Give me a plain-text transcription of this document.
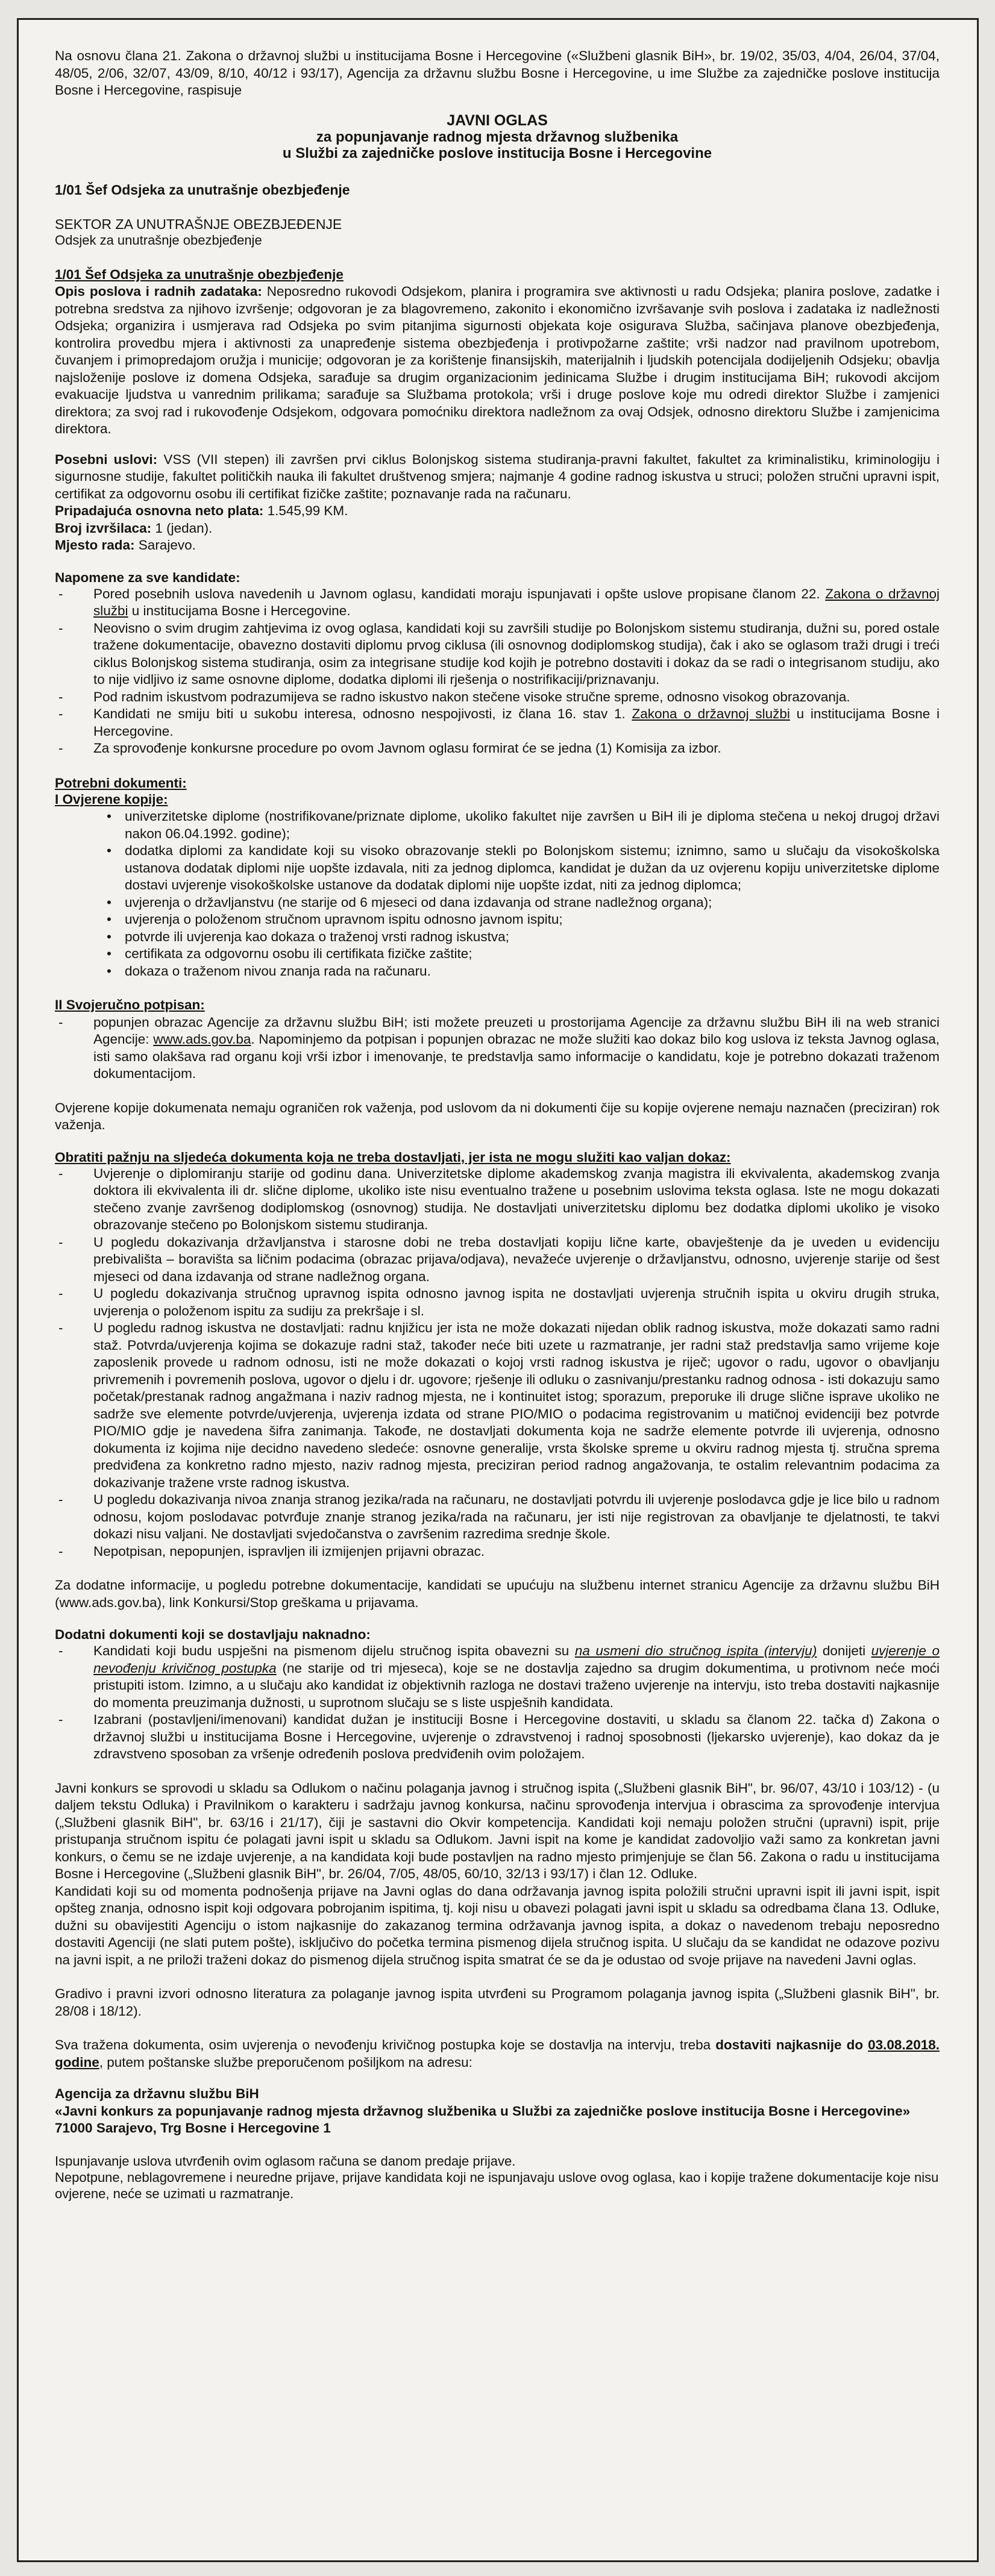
Na osnovu člana 21. Zakona o državnoj službi u institucijama Bosne i Hercegovine («Službeni glasnik BiH», br. 19/02, 35/03, 4/04, 26/04, 37/04, 48/05, 2/06, 32/07, 43/09, 8/10, 40/12 i 93/17), Agencija za državnu službu Bosne i Hercegovine, u ime Službe za zajedničke poslove institucija Bosne i Hercegovine, raspisuje

JAVNI OGLAS
za popunjavanje radnog mjesta državnog službenika
u Službi za zajedničke poslove institucija Bosne i Hercegovine
1/01 Šef Odsjeka za unutrašnje obezbjeđenje
SEKTOR ZA UNUTRAŠNJE OBEZBJEĐENJE
Odsjek za unutrašnje obezbjeđenje

1/01 Šef Odsjeka za unutrašnje obezbjeđenje
Opis poslova i radnih zadataka: Neposredno rukovodi Odsjekom, planira i programira sve aktivnosti u radu Odsjeka; planira poslove, zadatke i potrebna sredstva za njihovo izvršenje; odgovoran je za blagovremeno, zakonito i ekonomično izvršavanje svih poslova i zadataka iz nadležnosti Odsjeka; organizira i usmjerava rad Odsjeka po svim pitanjima sigurnosti objekata koje osigurava Služba, sačinjava planove obezbjeđenja, kontrolira provedbu mjera i aktivnosti za unapređenje sistema obezbjeđenja i protivpožarne zaštite; vrši nadzor nad pravilnom upotrebom, čuvanjem i primopredajom oružja i municije; odgovoran je za korištenje finansijskih, materijalnih i ljudskih potencijala dodijeljenih Odsjeku; obavlja najsloženije poslove iz domena Odsjeka, sarađuje sa drugim organizacionim jedinicama Službe i drugim institucijama BiH; rukovodi akcijom evakuacije ljudstva u vanrednim prilikama; sarađuje sa Službama protokola; vrši i druge poslove koje mu odredi direktor Službe i zamjenici direktora; za svoj rad i rukovođenje Odsjekom, odgovara pomoćniku direktora nadležnom za ovaj Odsjek, odnosno direktoru Službe i zamjenicima direktora.

Posebni uslovi: VSS (VII stepen) ili završen prvi ciklus Bolonjskog sistema studiranja-pravni fakultet, fakultet za kriminalistiku, kriminologiju i sigurnosne studije, fakultet političkih nauka ili fakultet društvenog smjera; najmanje 4 godine radnog iskustva u struci; položen stručni upravni ispit, certifikat za odgovornu osobu ili certifikat fizičke zaštite; poznavanje rada na računaru.

Pripadajuća osnovna neto plata: 1.545,99 KM.
Broj izvršilaca: 1 (jedan).
Mjesto rada: Sarajevo.
Napomene za sve kandidate:
- Pored posebnih uslova navedenih u Javnom oglasu, kandidati moraju ispunjavati i opšte uslove propisane članom 22. Zakona o državnoj službi u institucijama Bosne i Hercegovine.
- Neovisno o svim drugim zahtjevima iz ovog oglasa, kandidati koji su završili studije po Bolonjskom sistemu studiranja, dužni su, pored ostale tražene dokumentacije, obavezno dostaviti diplomu prvog ciklusa (ili osnovnog dodiplomskog studija), čak i ako se oglasom traži drugi i treći ciklus Bolonjskog sistema studiranja, osim za integrisane studije kod kojih je potrebno dostaviti i dokaz da se radi o integrisanom studiju, ako to nije vidljivo iz same osnovne diplome, dodatka diplomi ili rješenja o nostrifikaciji/priznavanju.
- Pod radnim iskustvom podrazumijeva se radno iskustvo nakon stečene visoke stručne spreme, odnosno visokog obrazovanja.
- Kandidati ne smiju biti u sukobu interesa, odnosno nespojivosti, iz člana 16. stav 1. Zakona o državnoj službi u institucijama Bosne i Hercegovine.
- Za sprovođenje konkursne procedure po ovom Javnom oglasu formirat će se jedna (1) Komisija za izbor.
Potrebni dokumenti:
I Ovjerene kopije:
• univerzitetske diplome (nostrifikovane/priznate diplome, ukoliko fakultet nije završen u BiH ili je diploma stečena u nekoj drugoj državi nakon 06.04.1992. godine);
• dodatka diplomi za kandidate koji su visoko obrazovanje stekli po Bolonjskom sistemu; iznimno, samo u slučaju da visokoškolska ustanova dodatak diplomi nije uopšte izdavala, niti za jednog diplomca, kandidat je dužan da uz ovjerenu kopiju univerzitetske diplome dostavi uvjerenje visokoškolske ustanove da dodatak diplomi nije uopšte izdat, niti za jednog diplomca;
• uvjerenja o državljanstvu (ne starije od 6 mjeseci od dana izdavanja od strane nadležnog organa);
• uvjerenja o položenom stručnom upravnom ispitu odnosno javnom ispitu;
• potvrde ili uvjerenja kao dokaza o traženoj vrsti radnog iskustva;
• certifikata za odgovornu osobu ili certifikata fizičke zaštite;
• dokaza o traženom nivou znanja rada na računaru.
II Svojeručno potpisan:
- popunjen obrazac Agencije za državnu službu BiH; isti možete preuzeti u prostorijama Agencije za državnu službu BiH ili na web stranici Agencije: www.ads.gov.ba. Napominjemo da potpisan i popunjen obrazac ne može služiti kao dokaz bilo kog uslova iz teksta Javnog oglasa, isti samo olakšava rad organu koji vrši izbor i imenovanje, te predstavlja samo informacije o kandidatu, koje je potrebno dokazati traženom dokumentacijom.

Ovjerene kopije dokumenata nemaju ograničen rok važenja, pod uslovom da ni dokumenti čije su kopije ovjerene nemaju naznačen (preciziran) rok važenja.

Obratiti pažnju na sljedeća dokumenta koja ne treba dostavljati, jer ista ne mogu služiti kao valjan dokaz:
- Uvjerenje o diplomiranju starije od godinu dana. Univerzitetske diplome akademskog zvanja magistra ili ekvivalenta, akademskog zvanja doktora ili ekvivalenta ili dr. slične diplome, ukoliko iste nisu eventualno tražene u posebnim uslovima teksta oglasa. Iste ne mogu dokazati stečeno zvanje završenog dodiplomskog (osnovnog) studija. Ne dostavljati univerzitetsku diplomu bez dodatka diplomi ukoliko je visoko obrazovanje stečeno po Bolonjskom sistemu studiranja.
- U pogledu dokazivanja državljanstva i starosne dobi ne treba dostavljati kopiju lične karte, obavještenje da je uveden u evidenciju prebivališta – boravišta sa ličnim podacima (obrazac prijava/odjava), nevažeće uvjerenje o državljanstvu, odnosno, uvjerenje starije od šest mjeseci od dana izdavanja od strane nadležnog organa.
- U pogledu dokazivanja stručnog upravnog ispita odnosno javnog ispita ne dostavljati uvjerenja stručnih ispita u okviru drugih struka, uvjerenja o položenom ispitu za sudiju za prekršaje i sl.
- U pogledu radnog iskustva ne dostavljati: radnu knjižicu jer ista ne može dokazati nijedan oblik radnog iskustva, može dokazati samo radni staž. Potvrda/uvjerenja kojima se dokazuje radni staž, također neće biti uzete u razmatranje, jer radni staž predstavlja samo vrijeme koje zaposlenik provede u radnom odnosu, isti ne može dokazati o kojoj vrsti radnog iskustva je riječ; ugovor o radu, ugovor o obavljanju privremenih i povremenih poslova, ugovor o djelu i dr. ugovore; rješenje ili odluku o zasnivanju/prestanku radnog odnosa - isti dokazuju samo početak/prestanak radnog angažmana i naziv radnog mjesta, ne i kontinuitet istog; sporazum, preporuke ili druge slične isprave ukoliko ne sadrže sve elemente potvrde/uvjerenja, uvjerenja izdata od strane PIO/MIO o podacima registrovanim u matičnoj evidenciji bez potvrde PIO/MIO gdje je navedena šifra zanimanja. Takođe, ne dostavljati dokumenta koja ne sadrže elemente potvrde ili uvjerenja, odnosno dokumenta iz kojima nije decidno navedeno sledeće: osnovne generalije, vrsta školske spreme u okviru radnog mjesta tj. stručna sprema predviđena za konkretno radno mjesto, naziv radnog mjesta, preciziran period radnog angažovanja, te ostalim relevantnim podacima za dokazivanje tražene vrste radnog iskustva.
- U pogledu dokazivanja nivoa znanja stranog jezika/rada na računaru, ne dostavljati potvrdu ili uvjerenje poslodavca gdje je lice bilo u radnom odnosu, kojom poslodavac potvrđuje znanje stranog jezika/rada na računaru, jer isti nije registrovan za obavljanje te djelatnosti, te takvi dokazi nisu valjani. Ne dostavljati svjedočanstva o završenim razredima srednje škole.
- Nepotpisan, nepopunjen, ispravljen ili izmijenjen prijavni obrazac.

Za dodatne informacije, u pogledu potrebne dokumentacije, kandidati se upućuju na službenu internet stranicu Agencije za državnu službu BiH (www.ads.gov.ba), link Konkursi/Stop greškama u prijavama.

Dodatni dokumenti koji se dostavljaju naknadno:
- Kandidati koji budu uspješni na pismenom dijelu stručnog ispita obavezni su na usmeni dio stručnog ispita (intervju) donijeti uvjerenje o nevođenju krivičnog postupka (ne starije od tri mjeseca), koje se ne dostavlja zajedno sa drugim dokumentima, u protivnom neće moći pristupiti istom. Izimno, a u slučaju ako kandidat iz objektivnih razloga ne dostavi traženo uvjerenje na intervju, isto treba dostaviti najkasnije do momenta preuzimanja dužnosti, u suprotnom slučaju se s liste uspješnih kandidata.
- Izabrani (postavljeni/imenovani) kandidat dužan je instituciji Bosne i Hercegovine dostaviti, u skladu sa članom 22. tačka d) Zakona o državnoj službi u institucijama Bosne i Hercegovine, uvjerenje o zdravstvenoj i radnoj sposobnosti (ljekarsko uvjerenje), kao dokaz da je zdravstveno sposoban za vršenje određenih poslova predviđenih ovim položajem.

Javni konkurs se sprovodi u skladu sa Odlukom o načinu polaganja javnog i stručnog ispita („Službeni glasnik BiH", br. 96/07, 43/10 i 103/12) - (u daljem tekstu Odluka) i Pravilnikom o karakteru i sadržaju javnog konkursa, načinu sprovođenja intervjua i obrascima za sprovođenje intervjua („Službeni glasnik BiH", br. 63/16 i 21/17), čiji je sastavni dio Okvir kompetencija. Kandidati koji nemaju položen stručni (upravni) ispit, prije pristupanja stručnom ispitu će polagati javni ispit u skladu sa Odlukom. Javni ispit na kome je kandidat zadovoljio važi samo za konkretan javni konkurs, o čemu se ne izdaje uvjerenje, a na kandidata koji bude postavljen na radno mjesto primjenjuje se član 56. Zakona o radu u institucijama Bosne i Hercegovine („Službeni glasnik BiH", br. 26/04, 7/05, 48/05, 60/10, 32/13 i 93/17) i član 12. Odluke.

Kandidati koji su od momenta podnošenja prijave na Javni oglas do dana održavanja javnog ispita položili stručni upravni ispit ili javni ispit, ispit opšteg znanja, odnosno ispit koji odgovara pobrojanim ispitima, tj. koji nisu u obavezi polagati javni ispit u skladu sa odredbama člana 13. Odluke, dužni su obavijestiti Agenciju o istom najkasnije do zakazanog termina održavanja javnog ispita, a dokaz o navedenom trebaju neposredno dostaviti Agenciji (ne slati putem pošte), isključivo do početka termina pismenog dijela stručnog ispita. U slučaju da se kandidat ne odazove pozivu na javni ispit, a ne priloži traženi dokaz do pismenog dijela stručnog ispita smatrat će se da je odustao od svoje prijave na navedeni Javni oglas.

Gradivo i pravni izvori odnosno literatura za polaganje javnog ispita utvrđeni su Programom polaganja javnog ispita („Službeni glasnik BiH", br. 28/08 i 18/12).

Sva tražena dokumenta, osim uvjerenja o nevođenju krivičnog postupka koje se dostavlja na intervju, treba dostaviti najkasnije do 03.08.2018. godine, putem poštanske službe preporučenom pošiljkom na adresu:

Agencija za državnu službu BiH
«Javni konkurs za popunjavanje radnog mjesta državnog službenika u Službi za zajedničke poslove institucija Bosne i Hercegovine»
71000 Sarajevo, Trg Bosne i Hercegovine 1
Ispunjavanje uslova utvrđenih ovim oglasom računa se danom predaje prijave.
Nepotpune, neblagovremene i neuredne prijave, prijave kandidata koji ne ispunjavaju uslove ovog oglasa, kao i kopije tražene dokumentacije koje nisu ovjerene, neće se uzimati u razmatranje.
